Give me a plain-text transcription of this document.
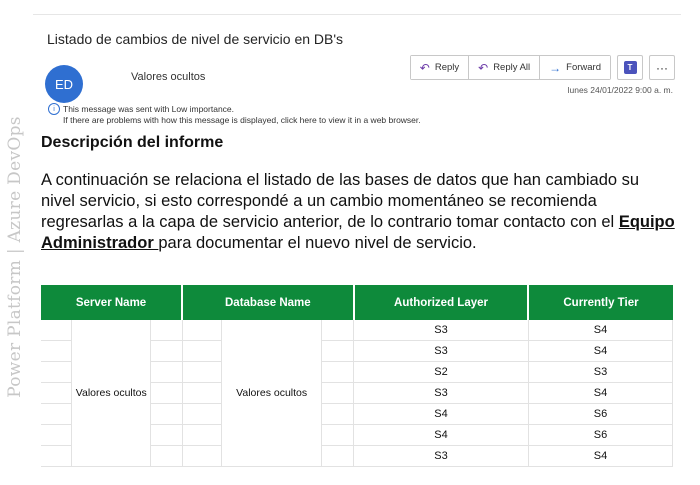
Power Platform | Azure DevOps
Listado de cambios de nivel de servicio en DB's
ED	Valores ocultos
↶ Reply ↶ Reply All → Forward	T	···
lunes 24/01/2022 9:00 a. m.
i This message was sent with Low importance.
If there are problems with how this message is displayed, click here to view it in a web browser.
Descripción del informe
A continuación se relaciona el listado de las bases de datos que han cambiado su nivel servicio, si esto correspondé a un cambio momentáneo se recomienda regresarlas a la capa de servicio anterior, de lo contrario tomar contacto con el Equipo Administrador para documentar el nuevo nivel de servicio.
Server Name			Database Name			Authorized Layer	Currently Tier
	Valores ocultos			Valores ocultos		S3	S4
						S3	S4
						S2	S3
						S3	S4
						S4	S6
						S4	S6
						S3	S4
